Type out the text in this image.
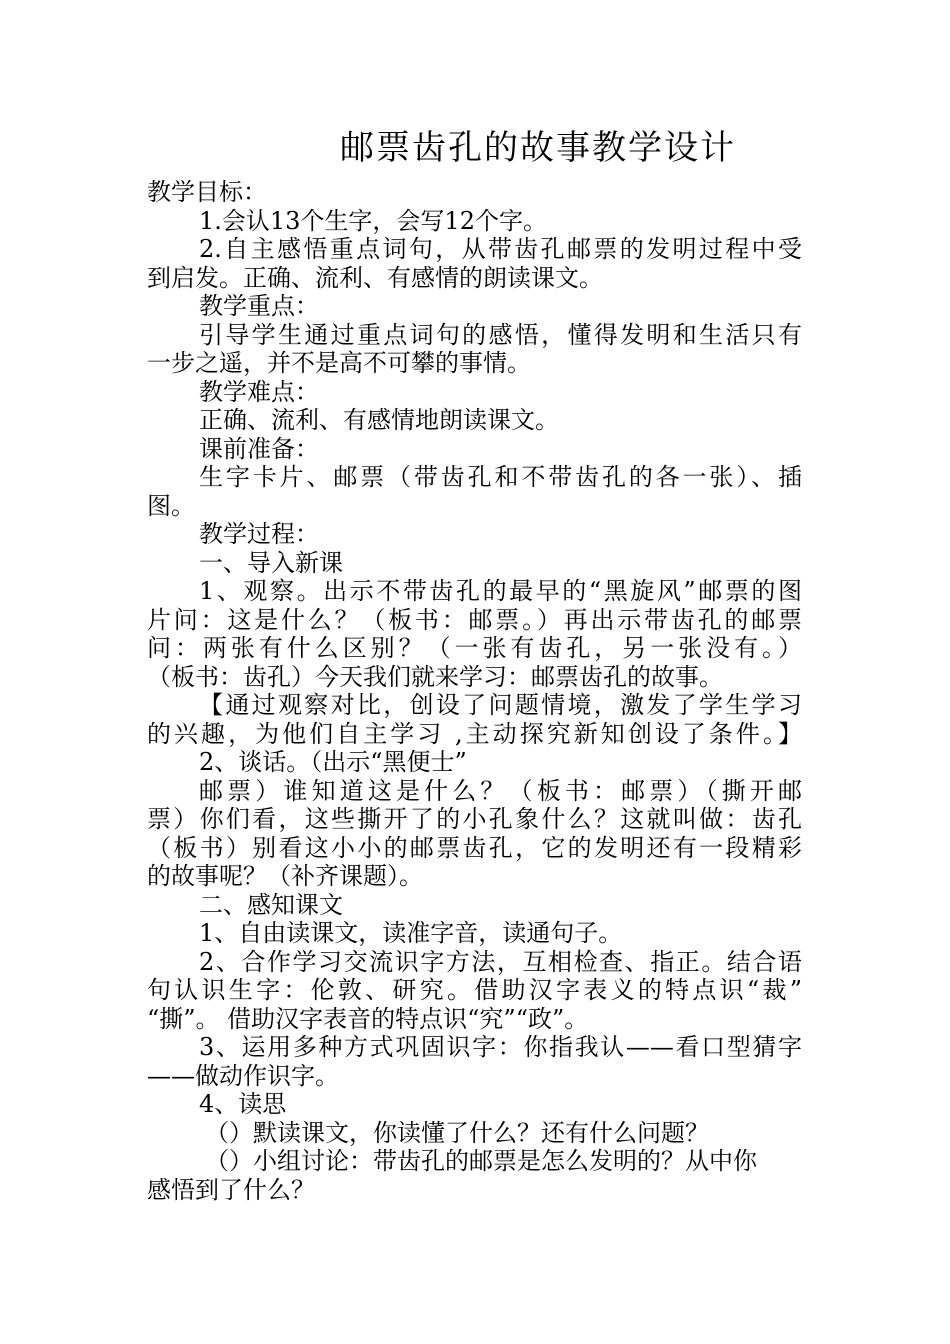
邮票齿孔的故事教学设计
教学目标：
1.会认13个生字，会写12个字。
2.自主感悟重点词句，从带齿孔邮票的发明过程中受
到启发。正确、流利、有感情的朗读课文。
教学重点：
引导学生通过重点词句的感悟，懂得发明和生活只有
一步之遥，并不是高不可攀的事情。
教学难点：
正确、流利、有感情地朗读课文。
课前准备：
生字卡片、邮票（带齿孔和不带齿孔的各一张）、插
图。
教学过程：
一、导入新课
1、观察。出示不带齿孔的最早的“黑旋风”邮票的图
片问：这是什么？（板书：邮票。）再出示带齿孔的邮票
问：两张有什么区别？（一张有齿孔，另一张没有。）
（板书：齿孔）今天我们就来学习：邮票齿孔的故事。
【通过观察对比，创设了问题情境，激发了学生学习
的兴趣，为他们自主学习 ,主动探究新知创设了条件。】
2、谈话。（出示“黑便士”
邮票）谁知道这是什么？（板书：邮票）（撕开邮
票）你们看，这些撕开了的小孔象什么？这就叫做：齿孔
（板书）别看这小小的邮票齿孔，它的发明还有一段精彩
的故事呢？（补齐课题）。
二、感知课文
1、自由读课文，读准字音，读通句子。
2、合作学习交流识字方法，互相检查、指正。结合语
句认识生字：伦敦、研究。借助汉字表义的特点识“裁”
“撕”。 借助汉字表音的特点识“究”“政”。
3、运用多种方式巩固识字：你指我认——看口型猜字
——做动作识字。
4、读思
（）默读课文，你读懂了什么？还有什么问题？
（）小组讨论：带齿孔的邮票是怎么发明的？从中你
感悟到了什么？
